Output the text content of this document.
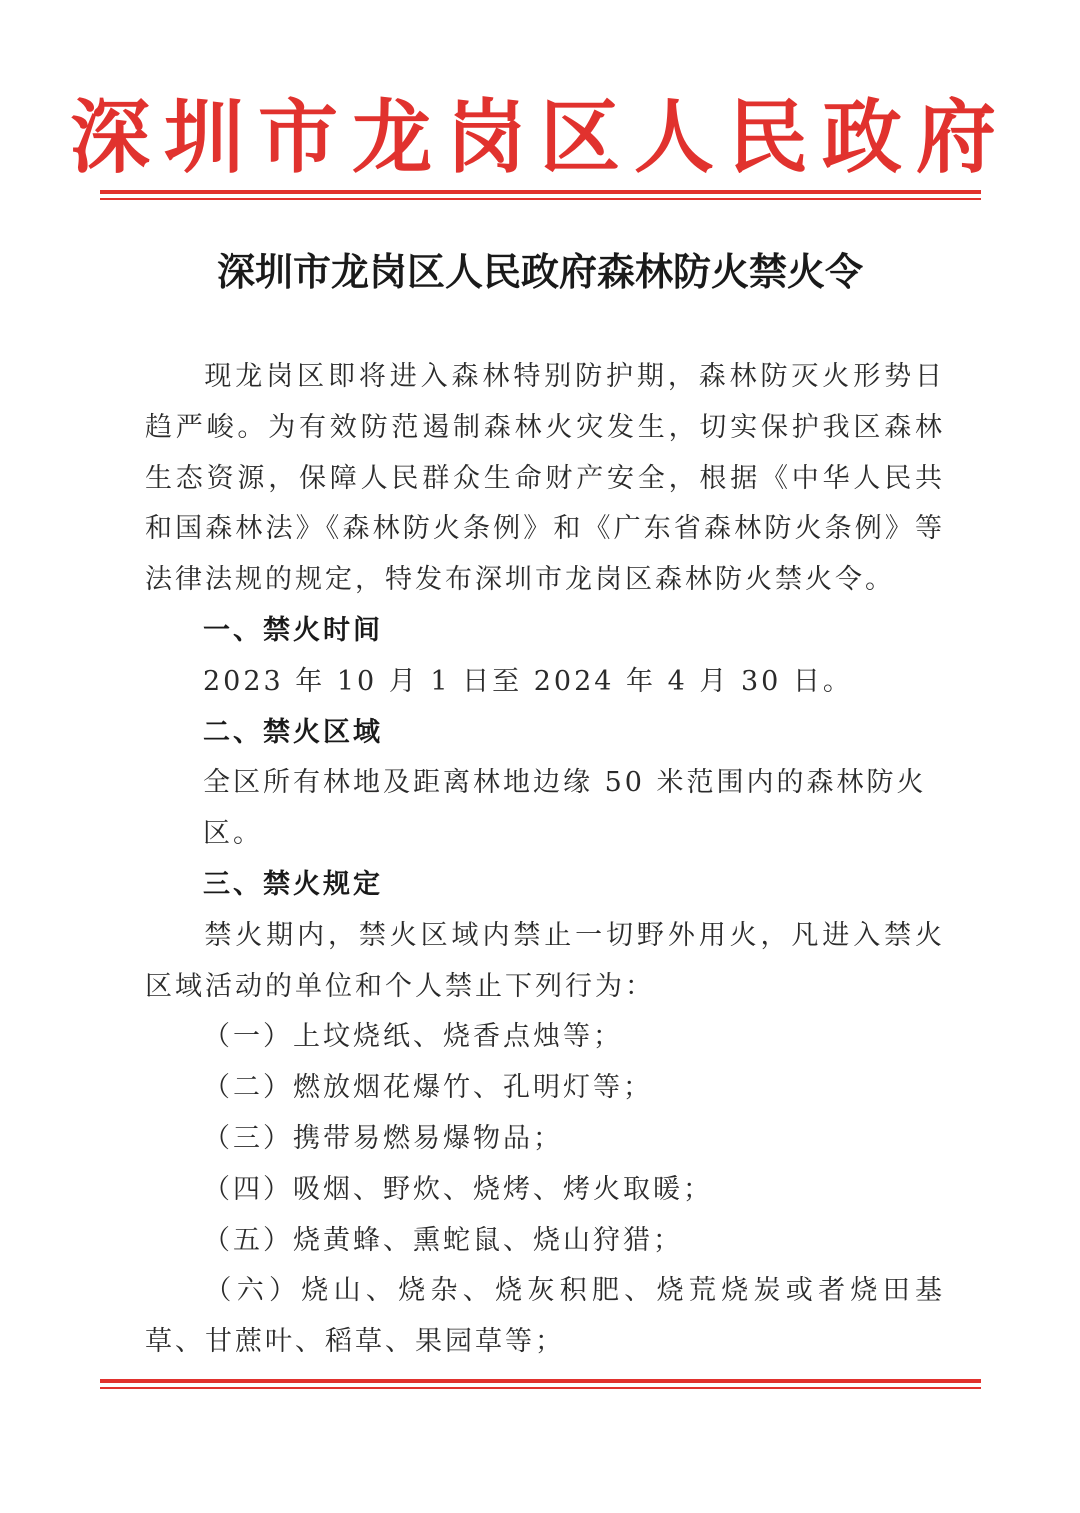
深圳市龙岗区人民政府
深圳市龙岗区人民政府森林防火禁火令

现龙岗区即将进入森林特别防护期，森林防灭火形势日趋严峻。为有效防范遏制森林火灾发生，切实保护我区森林生态资源，保障人民群众生命财产安全，根据《中华人民共和国森林法》《森林防火条例》和《广东省森林防火条例》等法律法规的规定，特发布深圳市龙岗区森林防火禁火令。

一、禁火时间

2023 年 10 月 1 日至 2024 年 4 月 30 日。

二、禁火区域

全区所有林地及距离林地边缘 50 米范围内的森林防火区。

三、禁火规定

禁火期内，禁火区域内禁止一切野外用火，凡进入禁火区域活动的单位和个人禁止下列行为：

（一）上坟烧纸、烧香点烛等；

（二）燃放烟花爆竹、孔明灯等；

（三）携带易燃易爆物品；

（四）吸烟、野炊、烧烤、烤火取暖；

（五）烧黄蜂、熏蛇鼠、烧山狩猎；

（六）烧山、烧杂、烧灰积肥、烧荒烧炭或者烧田基草、甘蔗叶、稻草、果园草等；
